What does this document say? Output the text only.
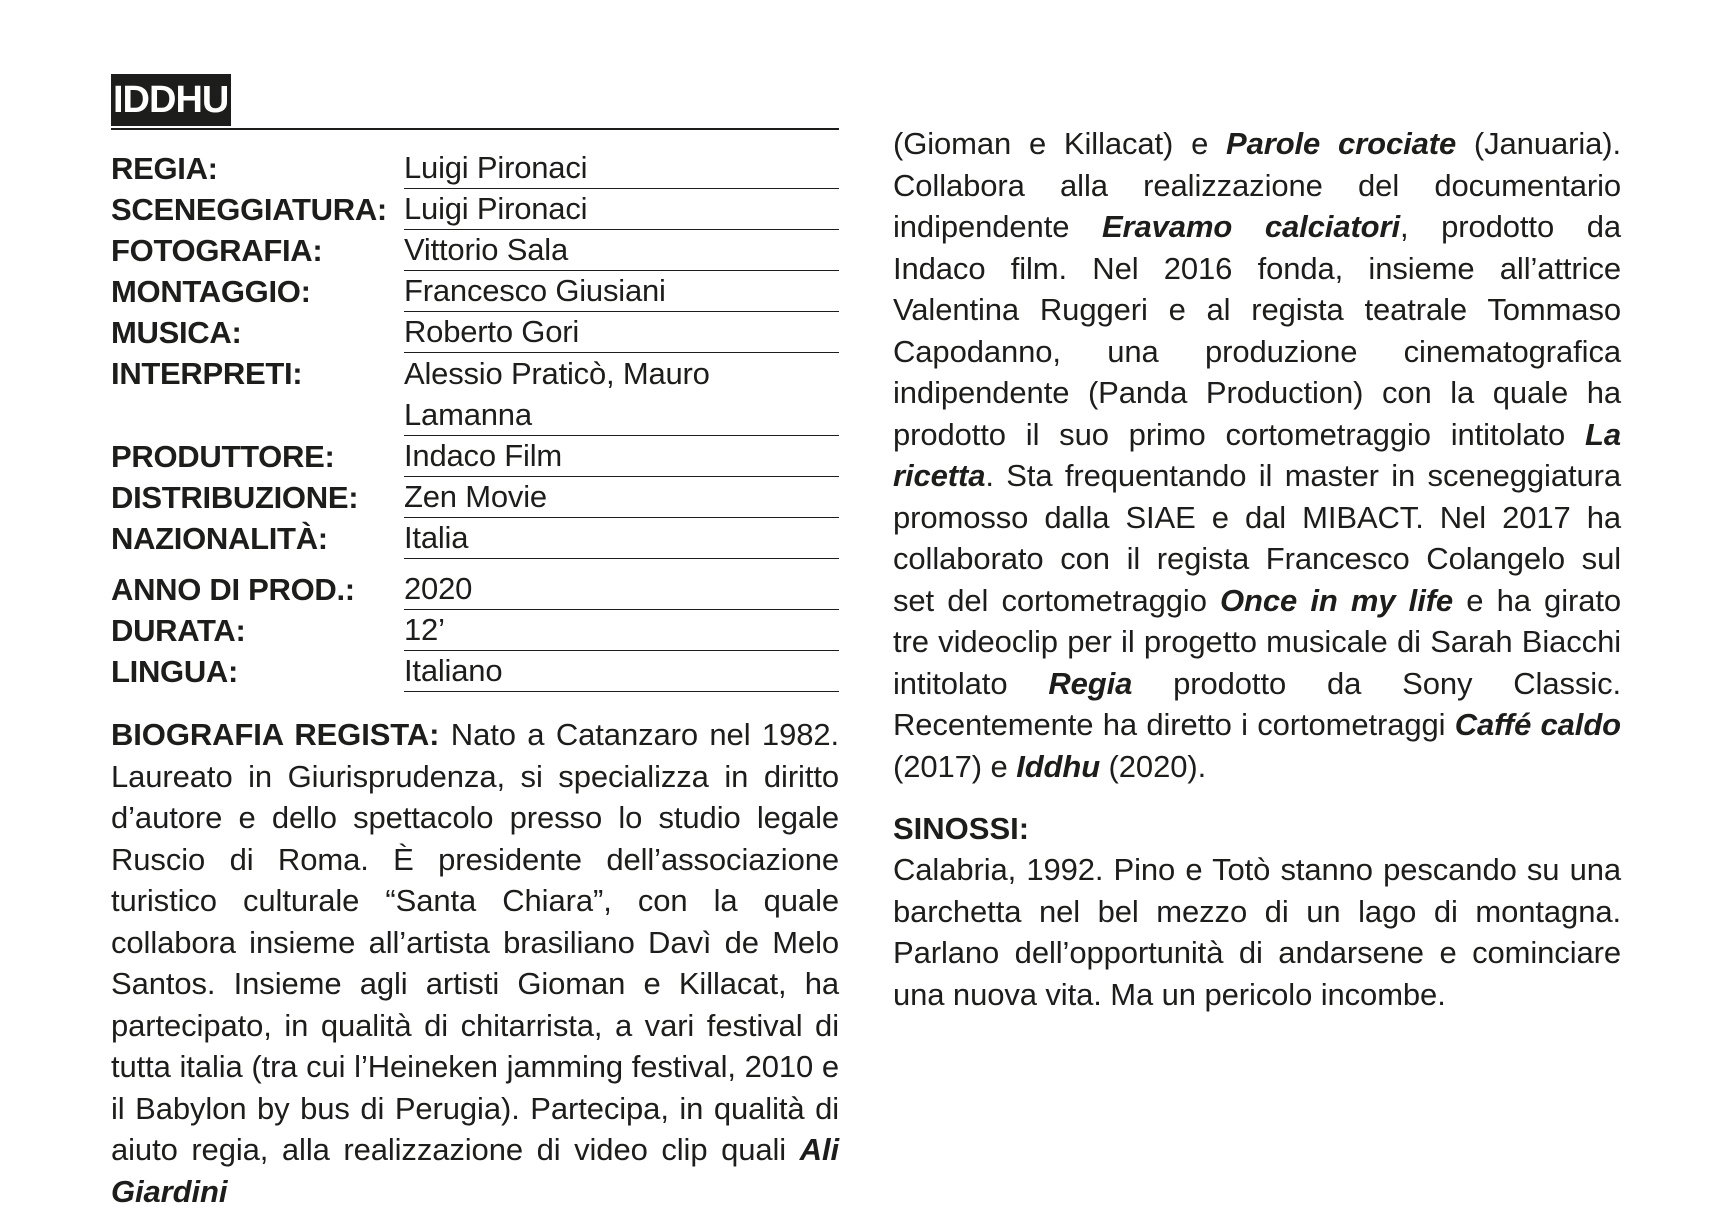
IDDHU
REGIA:	Luigi Pironaci
SCENEGGIATURA: Luigi Pironaci
FOTOGRAFIA:	Vittorio Sala
MONTAGGIO:	Francesco Giusiani
MUSICA:	Roberto Gori
INTERPRETI:	Alessio Praticò, Mauro Lamanna
PRODUTTORE:	Indaco Film
DISTRIBUZIONE:	Zen Movie
NAZIONALITÀ:	Italia
ANNO DI PROD.:	2020
DURATA:	12’
LINGUA:	Italiano

BIOGRAFIA REGISTA: Nato a Catanzaro nel 1982. Laureato in Giurisprudenza, si specializza in diritto d’autore e dello spettacolo presso lo studio legale Ruscio di Roma. È presidente dell’associazione turistico culturale “Santa Chiara”, con la quale collabora insieme all’artista brasiliano Davì de Melo Santos. Insieme agli artisti Gioman e Killacat, ha partecipato, in qualità di chitarrista, a vari festival di tutta italia (tra cui l’Heineken jamming festival, 2010 e il Babylon by bus di Perugia). Partecipa, in qualità di aiuto regia, alla realizzazione di video clip quali Ali Giardini

(Gioman e Killacat) e Parole crociate (Januaria). Collabora alla realizzazione del documentario indipendente Eravamo calciatori, prodotto da Indaco film. Nel 2016 fonda, insieme all’attrice Valentina Ruggeri e al regista teatrale Tommaso Capodanno, una produzione cinematografica indipendente (Panda Production) con la quale ha prodotto il suo primo cortometraggio intitolato La ricetta. Sta frequentando il master in sceneggiatura promosso dalla SIAE e dal MIBACT. Nel 2017 ha collaborato con il regista Francesco Colangelo sul set del cortometraggio Once in my life e ha girato tre videoclip per il progetto musicale di Sarah Biacchi intitolato Regia prodotto da Sony Classic. Recentemente ha diretto i cortometraggi Caffé caldo (2017) e Iddhu (2020).

SINOSSI:

Calabria, 1992. Pino e Totò stanno pescando su una barchetta nel bel mezzo di un lago di montagna. Parlano dell’opportunità di andarsene e cominciare una nuova vita. Ma un pericolo incombe.
